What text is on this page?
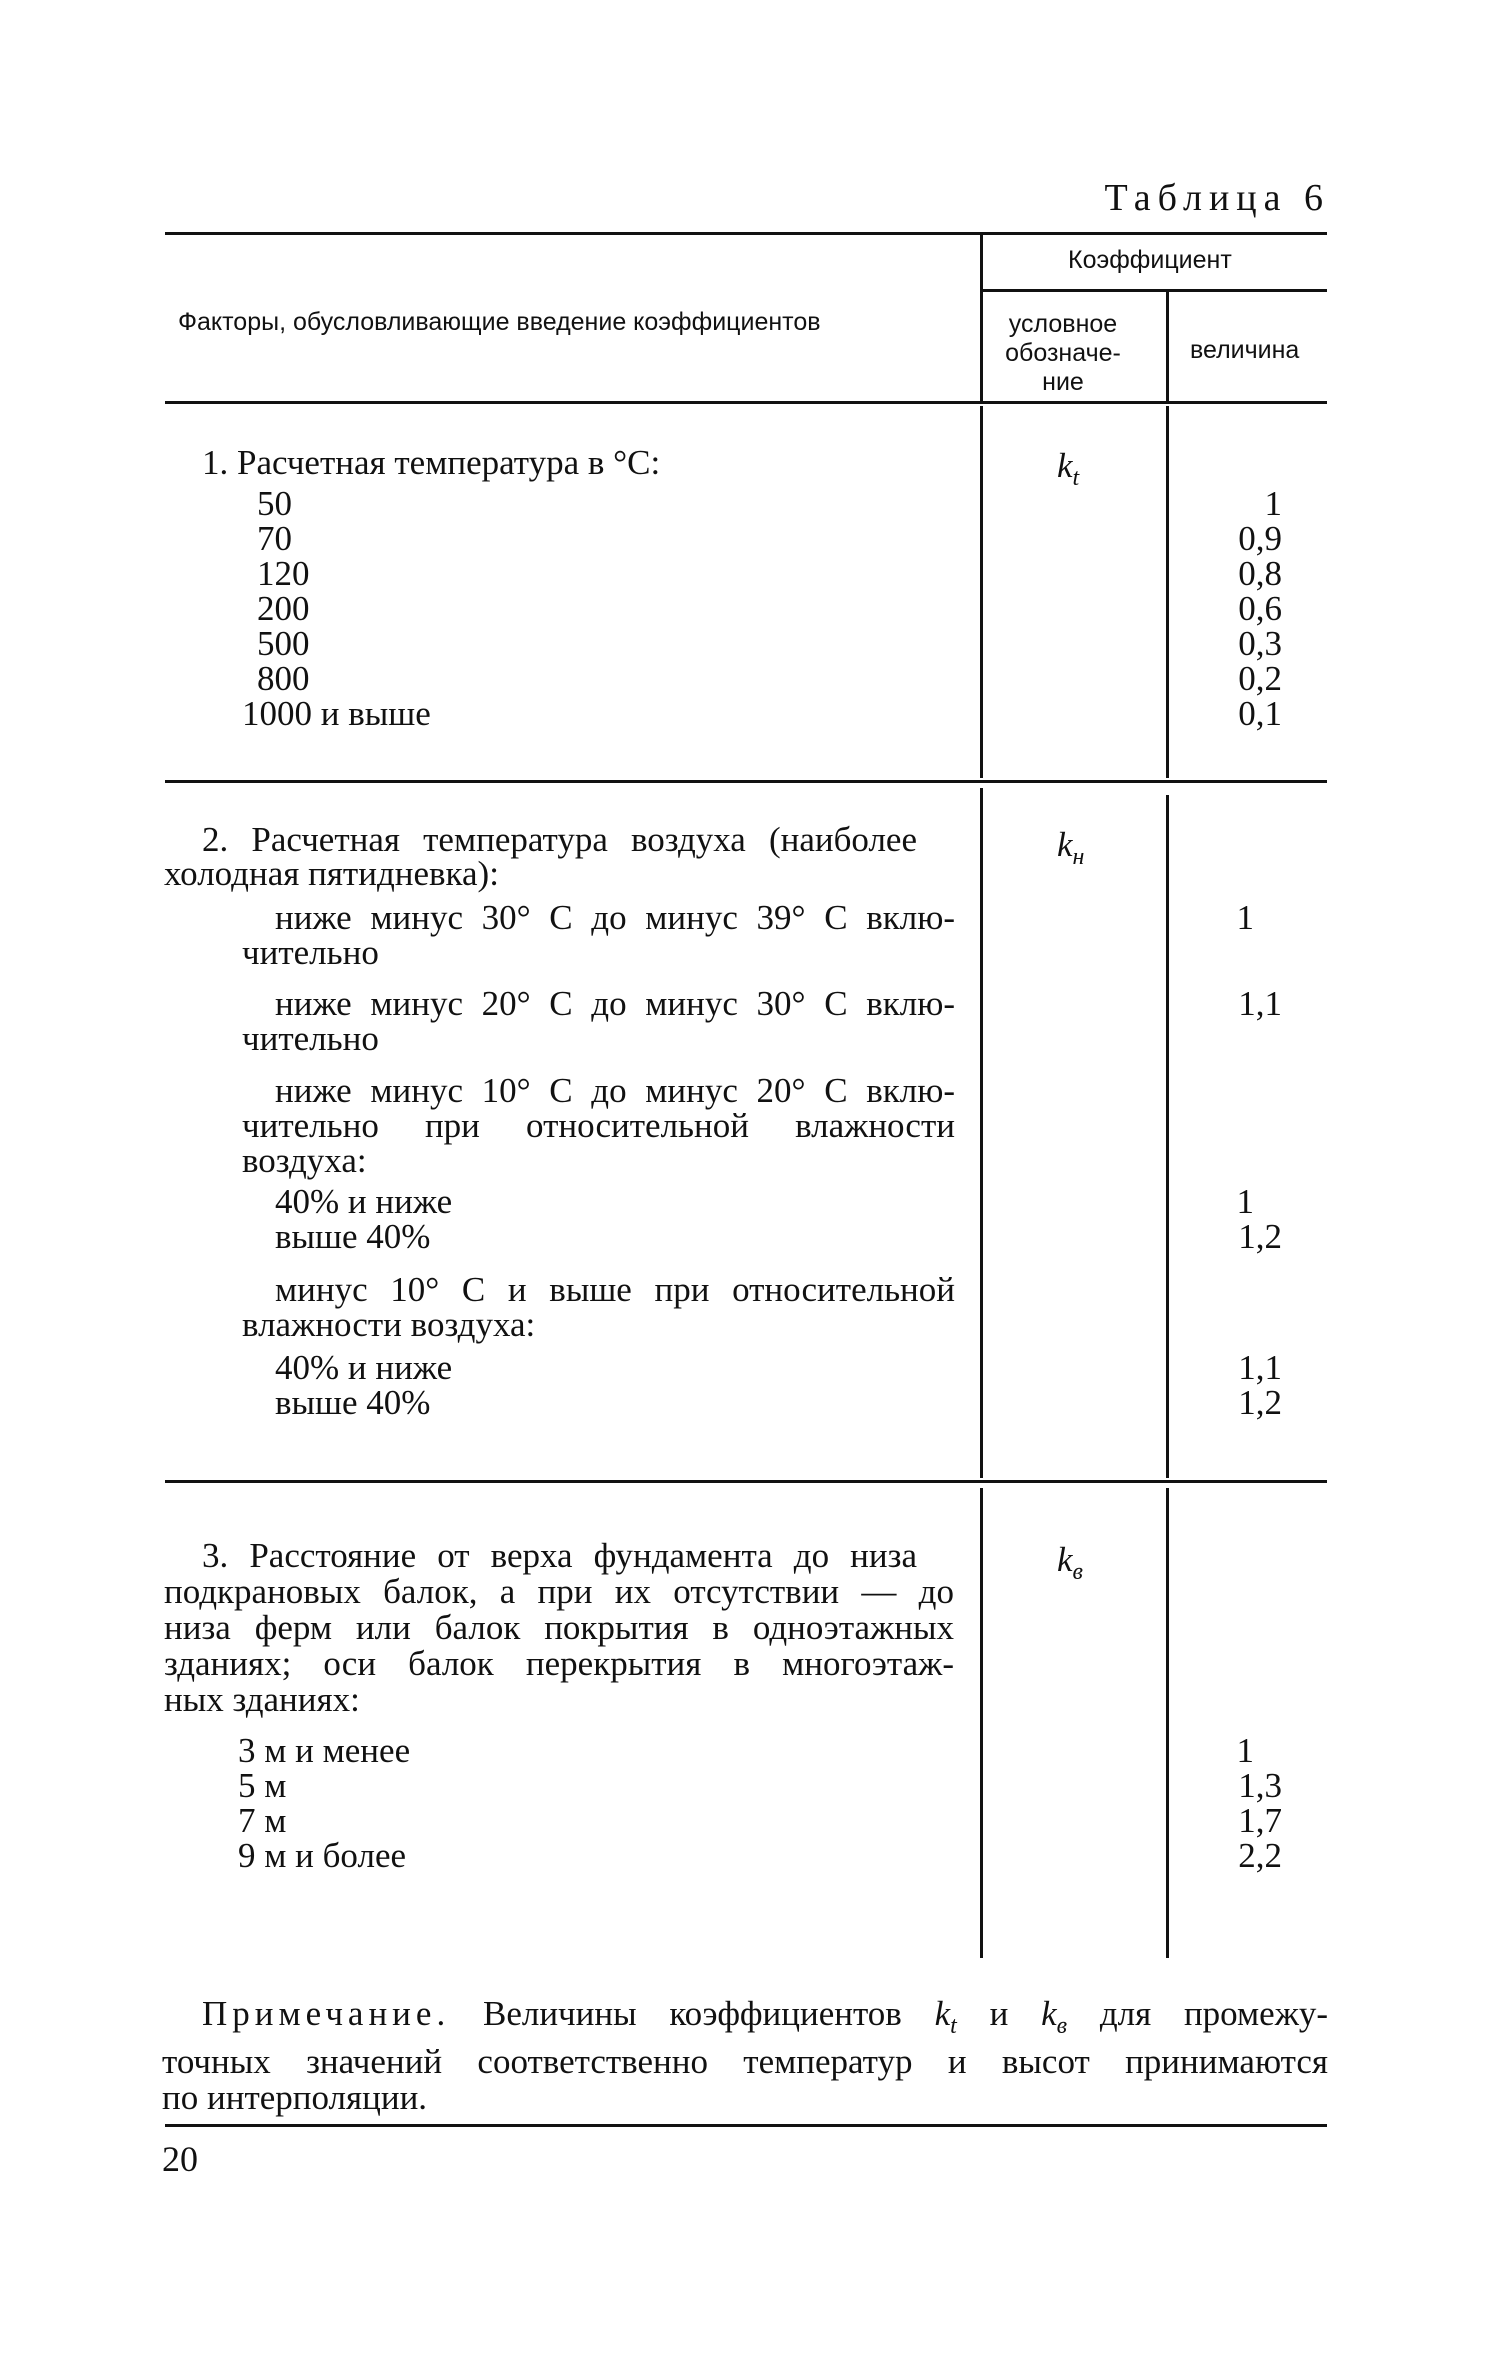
Таблица 6
Факторы, обусловливающие введение коэффициентов
Коэффициент
условное
обозначе-
ние
величина
1. Расчетная температура в °С:	$k_t$
50
70
120
200
500
800
1000 и выше
1
0,9
0,8
0,6
0,3
0,2
0,1
2. Расчетная температура воздуха (наиболее
холодная пятидневка):
$k_н$
ниже минус 30° С до минус 39° С вклю-
чительно
1
ниже минус 20° С до минус 30° С вклю-
чительно
1,1
ниже минус 10° С до минус 20° С вклю-
чительно при относительной влажности
воздуха:
40% и ниже
выше 40%
1
1,2
минус 10° С и выше при относительной
влажности воздуха:
40% и ниже
выше 40%
1,1
1,2
3. Расстояние от верха фундамента до низа
подкрановых балок, а при их отсутствии — до
низа ферм или балок покрытия в одноэтажных
зданиях; оси балок перекрытия в многоэтаж-
ных зданиях:
$k_в$
3 м и менее
5 м
7 м
9 м и более
1
1,3
1,7
2,2
Примечание. Величины коэффициентов $k_t$ и $k_в$ для промежу-
точных значений соответственно температур и высот принимаются
по интерполяции.
20
